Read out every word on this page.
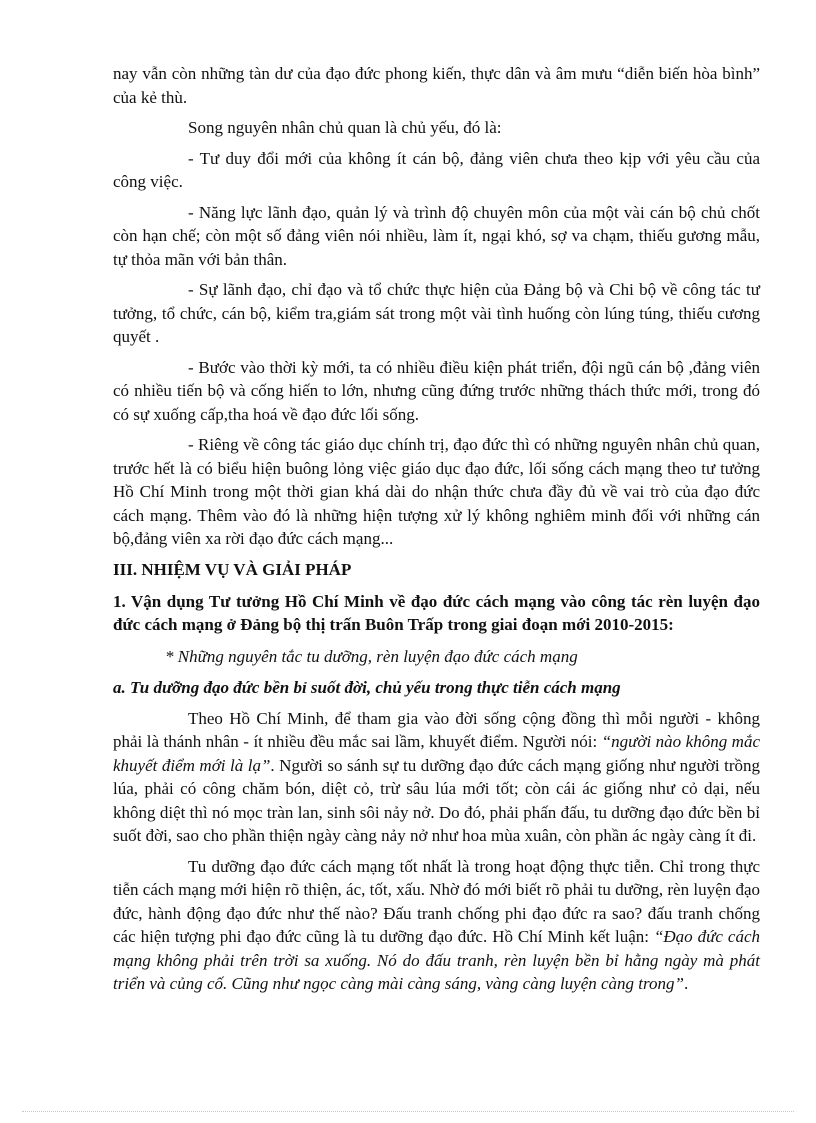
nay vẫn còn những tàn dư của đạo đức phong kiến, thực dân và âm mưu “diễn biến hòa bình” của kẻ thù.

Song nguyên nhân chủ quan là chủ yếu, đó là:

- Tư duy đổi mới của không ít cán bộ, đảng viên chưa theo kịp với yêu cầu của công việc.

- Năng lực lãnh đạo, quản lý và trình độ chuyên môn của một vài cán bộ chủ chốt còn hạn chế; còn một số đảng viên nói nhiều, làm ít, ngại khó, sợ va chạm, thiếu gương mẫu, tự thỏa mãn với bản thân.

- Sự lãnh đạo, chỉ đạo và tổ chức thực hiện của Đảng bộ và Chi bộ về công tác tư tưởng, tổ chức, cán bộ, kiểm tra,giám sát trong một vài tình huống còn lúng túng, thiếu cương quyết .

- Bước vào thời kỳ mới, ta có nhiều điều kiện phát triển, đội ngũ cán bộ ,đảng viên có nhiều tiến bộ và cống hiến to lớn, nhưng cũng đứng trước những thách thức mới, trong đó có sự xuống cấp,tha hoá về đạo đức lối sống.

- Riêng về công tác giáo dục chính trị, đạo đức thì có những nguyên nhân chủ quan, trước hết là có biểu hiện buông lỏng việc giáo dục đạo đức, lối sống cách mạng theo tư tưởng Hồ Chí Minh trong một thời gian khá dài do nhận thức chưa đầy đủ về vai trò của đạo đức cách mạng. Thêm vào đó là những hiện tượng xử lý không nghiêm minh đối với những cán bộ,đảng viên xa rời đạo đức cách mạng...

III. NHIỆM VỤ VÀ GIẢI PHÁP

1. Vận dụng Tư tưởng Hồ Chí Minh về đạo đức cách mạng vào công tác rèn luyện đạo đức cách mạng ở Đảng bộ thị trấn Buôn Trấp trong giai đoạn mới 2010-2015:

* Những nguyên tắc tu dưỡng, rèn luyện đạo đức cách mạng

a. Tu dưỡng đạo đức bền bỉ suốt đời, chủ yếu trong thực tiễn cách mạng

Theo Hồ Chí Minh, để tham gia vào đời sống cộng đồng thì mỗi người - không phải là thánh nhân - ít nhiều đều mắc sai lầm, khuyết điểm. Người nói: “người nào không mắc khuyết điểm mới là lạ”. Người so sánh sự tu dưỡng đạo đức cách mạng giống như người trồng lúa, phải có công chăm bón, diệt cỏ, trừ sâu lúa mới tốt; còn cái ác giống như cỏ dại, nếu không diệt thì nó mọc tràn lan, sinh sôi nảy nở. Do đó, phải phấn đấu, tu dưỡng đạo đức bền bỉ suốt đời, sao cho phần thiện ngày càng nảy nở như hoa mùa xuân, còn phần ác ngày càng ít đi.

Tu dưỡng đạo đức cách mạng tốt nhất là trong hoạt động thực tiễn. Chỉ trong thực tiễn cách mạng mới hiện rõ thiện, ác, tốt, xấu. Nhờ đó mới biết rõ phải tu dưỡng, rèn luyện đạo đức, hành động đạo đức như thế nào? Đấu tranh chống phi đạo đức ra sao? đấu tranh chống các hiện tượng phi đạo đức cũng là tu dưỡng đạo đức. Hồ Chí Minh kết luận: “Đạo đức cách mạng không phải trên trời sa xuống. Nó do đấu tranh, rèn luyện bền bỉ hằng ngày mà phát triển và củng cố. Cũng như ngọc càng mài càng sáng, vàng càng luyện càng trong”.
